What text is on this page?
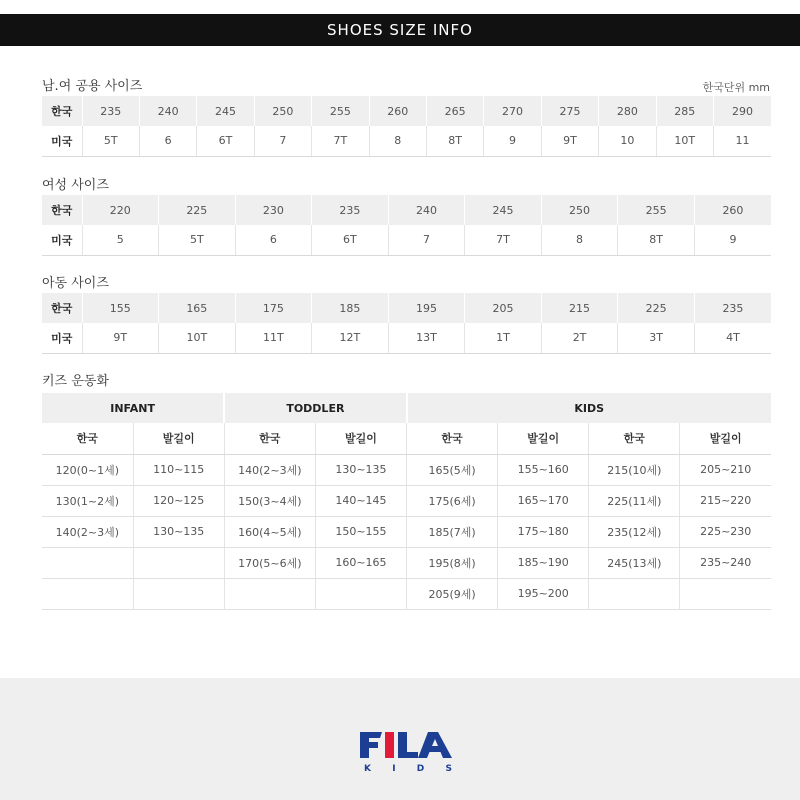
SHOES SIZE INFO
남.여 공용 사이즈	한국단위 mm
한국	235	240	245	250	255	260	265	270	275	280	285	290
미국	5T	6	6T	7	7T	8	8T	9	9T	10	10T	11
여성 사이즈
한국	220	225	230	235	240	245	250	255	260
미국	5	5T	6	6T	7	7T	8	8T	9
아동 사이즈
한국	155	165	175	185	195	205	215	225	235
미국	9T	10T	11T	12T	13T	1T	2T	3T	4T
키즈 운동화
INFANT		TODDLER		KIDS			
한국	발길이	한국	발길이	한국	발길이	한국	발길이
120(0~1세)	110~115	140(2~3세)	130~135	165(5세)	155~160	215(10세)	205~210
130(1~2세)	120~125	150(3~4세)	140~145	175(6세)	165~170	225(11세)	215~220
140(2~3세)	130~135	160(4~5세)	150~155	185(7세)	175~180	235(12세)	225~230
		170(5~6세)	160~165	195(8세)	185~190	245(13세)	235~240
				205(9세)	195~200		
K I D S
